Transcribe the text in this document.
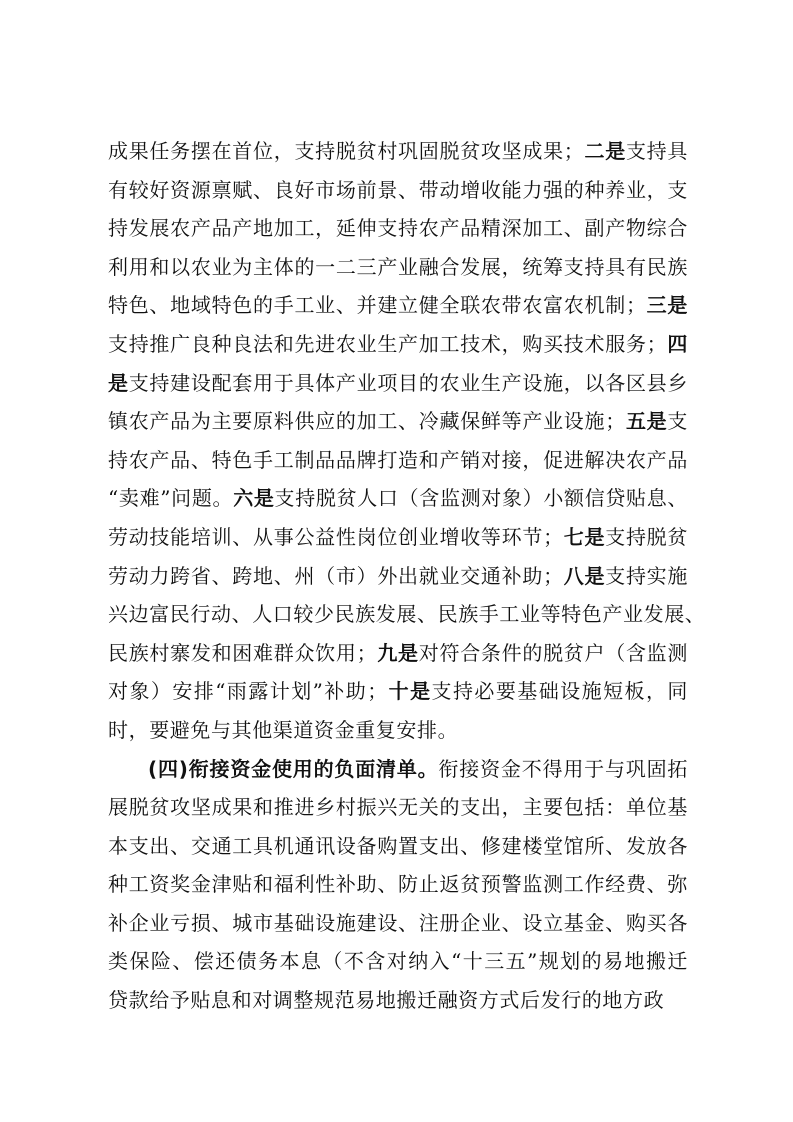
成果任务摆在首位，支持脱贫村巩固脱贫攻坚成果；二是支持具
有较好资源禀赋、良好市场前景、带动增收能力强的种养业，支
持发展农产品产地加工，延伸支持农产品精深加工、副产物综合
利用和以农业为主体的一二三产业融合发展，统筹支持具有民族
特色、地域特色的手工业、并建立健全联农带农富农机制；三是
支持推广良种良法和先进农业生产加工技术，购买技术服务；四
是支持建设配套用于具体产业项目的农业生产设施，以各区县乡
镇农产品为主要原料供应的加工、冷藏保鲜等产业设施；五是支
持农产品、特色手工制品品牌打造和产销对接，促进解决农产品
“卖难”问题。六是支持脱贫人口（含监测对象）小额信贷贴息、
劳动技能培训、从事公益性岗位创业增收等环节；七是支持脱贫
劳动力跨省、跨地、州（市）外出就业交通补助；八是支持实施
兴边富民行动、人口较少民族发展、民族手工业等特色产业发展、
民族村寨发和困难群众饮用；九是对符合条件的脱贫户（含监测
对象）安排“雨露计划”补助；十是支持必要基础设施短板，同
时，要避免与其他渠道资金重复安排。
(四)衔接资金使用的负面清单。衔接资金不得用于与巩固拓
展脱贫攻坚成果和推进乡村振兴无关的支出，主要包括：单位基
本支出、交通工具机通讯设备购置支出、修建楼堂馆所、发放各
种工资奖金津贴和福利性补助、防止返贫预警监测工作经费、弥
补企业亏损、城市基础设施建设、注册企业、设立基金、购买各
类保险、偿还债务本息（不含对纳入“十三五”规划的易地搬迁
贷款给予贴息和对调整规范易地搬迁融资方式后发行的地方政
